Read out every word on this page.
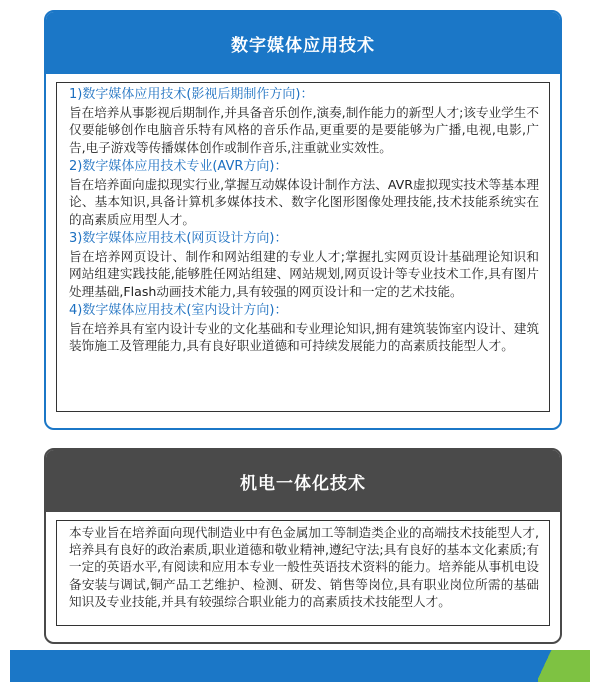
数字媒体应用技术

1)数字媒体应用技术(影视后期制作方向)：

旨在培养从事影视后期制作,并具备音乐创作,演奏,制作能力的新型人才;该专业学生不仅要能够创作电脑音乐特有风格的音乐作品,更重要的是要能够为广播,电视,电影,广告,电子游戏等传播媒体创作或制作音乐,注重就业实效性。

2)数字媒体应用技术专业(AVR方向)：

旨在培养面向虚拟现实行业,掌握互动媒体设计制作方法、AVR虚拟现实技术等基本理论、基本知识,具备计算机多媒体技术、数字化图形图像处理技能,技术技能系统实在的高素质应用型人才。

3)数字媒体应用技术(网页设计方向)：

旨在培养网页设计、制作和网站组建的专业人才;掌握扎实网页设计基础理论知识和网站组建实践技能,能够胜任网站组建、网站规划,网页设计等专业技术工作,具有图片处理基础,Flash动画技术能力,具有较强的网页设计和一定的艺术技能。

4)数字媒体应用技术(室内设计方向)：

旨在培养具有室内设计专业的文化基础和专业理论知识,拥有建筑装饰室内设计、建筑装饰施工及管理能力,具有良好职业道德和可持续发展能力的高素质技能型人才。

机电一体化技术

本专业旨在培养面向现代制造业中有色金属加工等制造类企业的高端技术技能型人才,培养具有良好的政治素质,职业道德和敬业精神,遵纪守法;具有良好的基本文化素质;有一定的英语水平,有阅读和应用本专业一般性英语技术资料的能力。培养能从事机电设备安装与调试,铜产品工艺维护、检测、研发、销售等岗位,具有职业岗位所需的基础知识及专业技能,并具有较强综合职业能力的高素质技术技能型人才。
